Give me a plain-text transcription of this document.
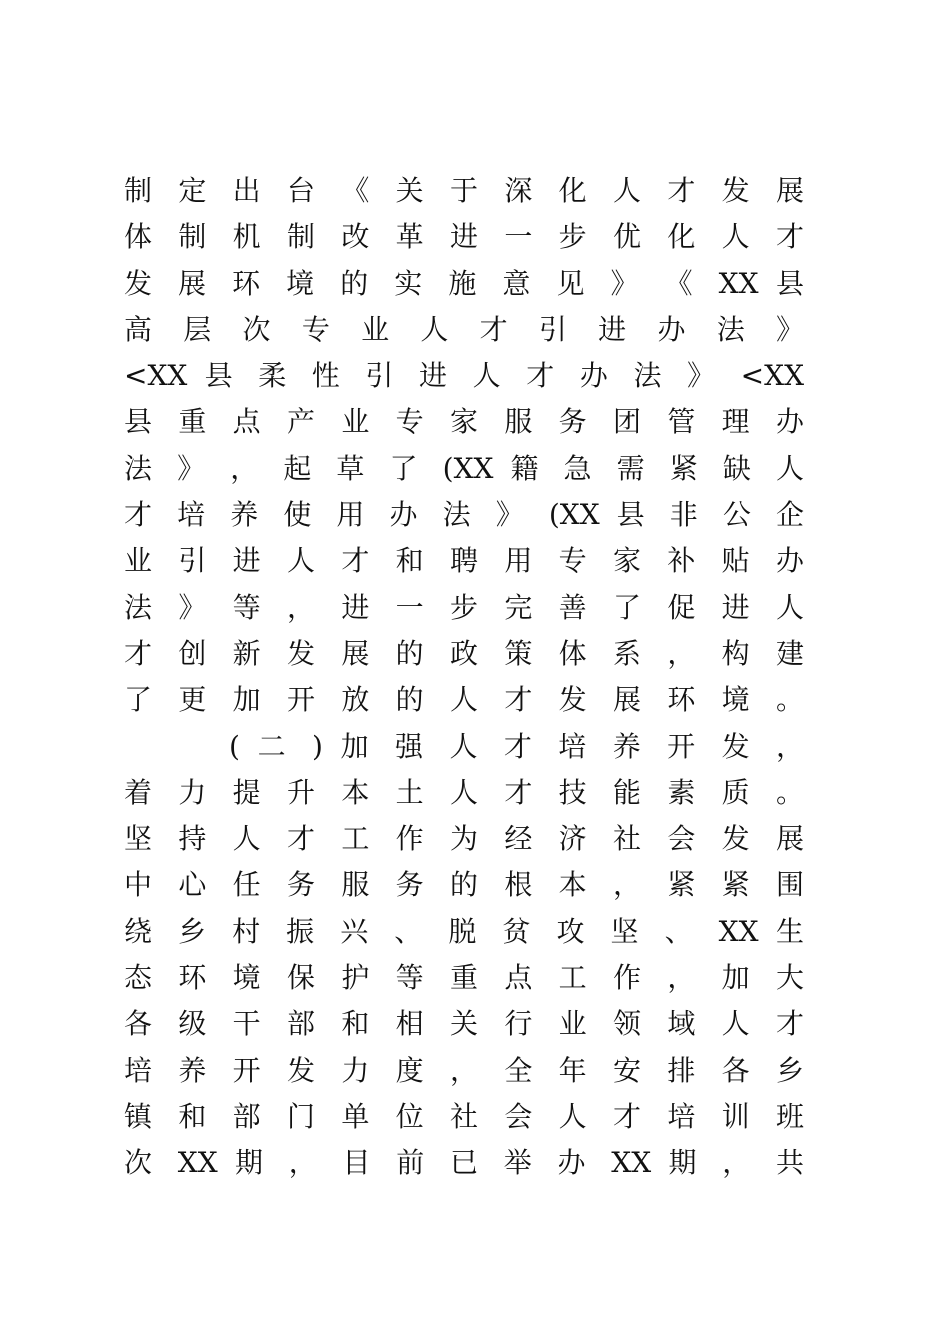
制 定 出 台 《 关 于 深 化 人 才 发 展
体 制 机 制 改 革 进 一 步 优 化 人 才
发 展 环 境 的 实 施 意 见 》 《 XX 县
高 层 次 专 业 人 才 引 进 办 法 》
<XX 县 柔 性 引 进 人 才 办 法 》 <XX
县 重 点 产 业 专 家 服 务 团 管 理 办
法 》 ， 起 草 了 (XX 籍 急 需 紧 缺 人
才 培 养 使 用 办 法 》 (XX 县 非 公 企
业 引 进 人 才 和 聘 用 专 家 补 贴 办
法 》 等 ， 进 一 步 完 善 了 促 进 人
才 创 新 发 展 的 政 策 体 系 ， 构 建
了 更 加 开 放 的 人 才 发 展 环 境 。
( 二 ) 加 强 人 才 培 养 开 发 ，
着 力 提 升 本 土 人 才 技 能 素 质 。
坚 持 人 才 工 作 为 经 济 社 会 发 展
中 心 任 务 服 务 的 根 本 ， 紧 紧 围
绕 乡 村 振 兴 、 脱 贫 攻 坚 、 XX 生
态 环 境 保 护 等 重 点 工 作 ， 加 大
各 级 干 部 和 相 关 行 业 领 域 人 才
培 养 开 发 力 度 ， 全 年 安 排 各 乡
镇 和 部 门 单 位 社 会 人 才 培 训 班
次 XX 期 ， 目 前 已 举 办 XX 期 ， 共
